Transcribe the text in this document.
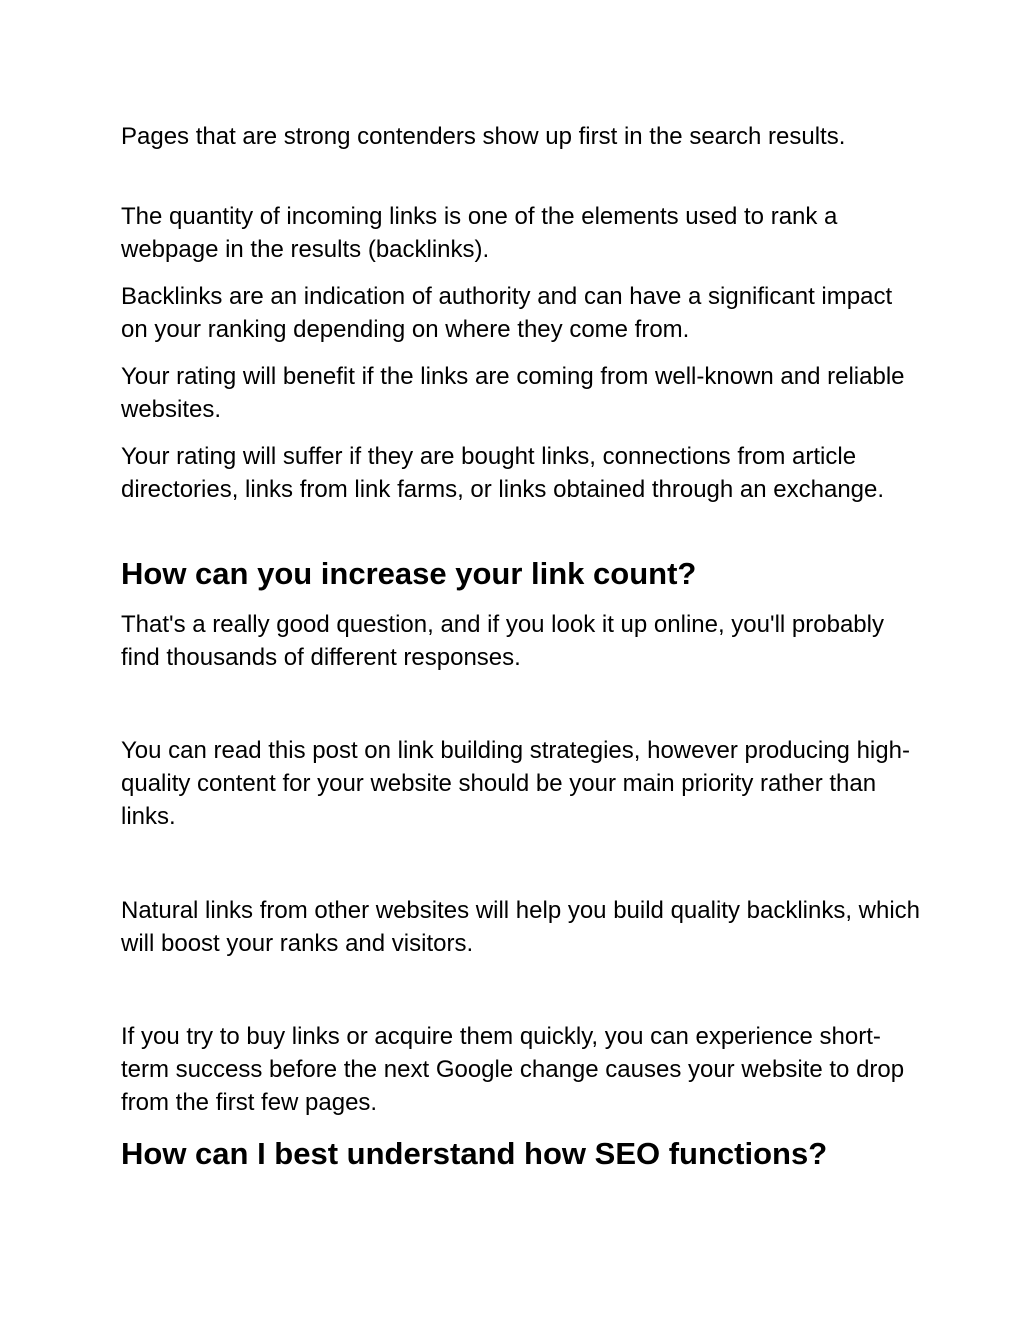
Pages that are strong contenders show up first in the search results.

The quantity of incoming links is one of the elements used to rank a webpage in the results (backlinks).

Backlinks are an indication of authority and can have a significant impact on your ranking depending on where they come from.

Your rating will benefit if the links are coming from well-known and reliable websites.

Your rating will suffer if they are bought links, connections from article directories, links from link farms, or links obtained through an exchange.

How can you increase your link count?

That's a really good question, and if you look it up online, you'll probably find thousands of different responses.

You can read this post on link building strategies, however producing high-quality content for your website should be your main priority rather than links.

Natural links from other websites will help you build quality backlinks, which will boost your ranks and visitors.

If you try to buy links or acquire them quickly, you can experience short-term success before the next Google change causes your website to drop from the first few pages.

How can I best understand how SEO functions?
